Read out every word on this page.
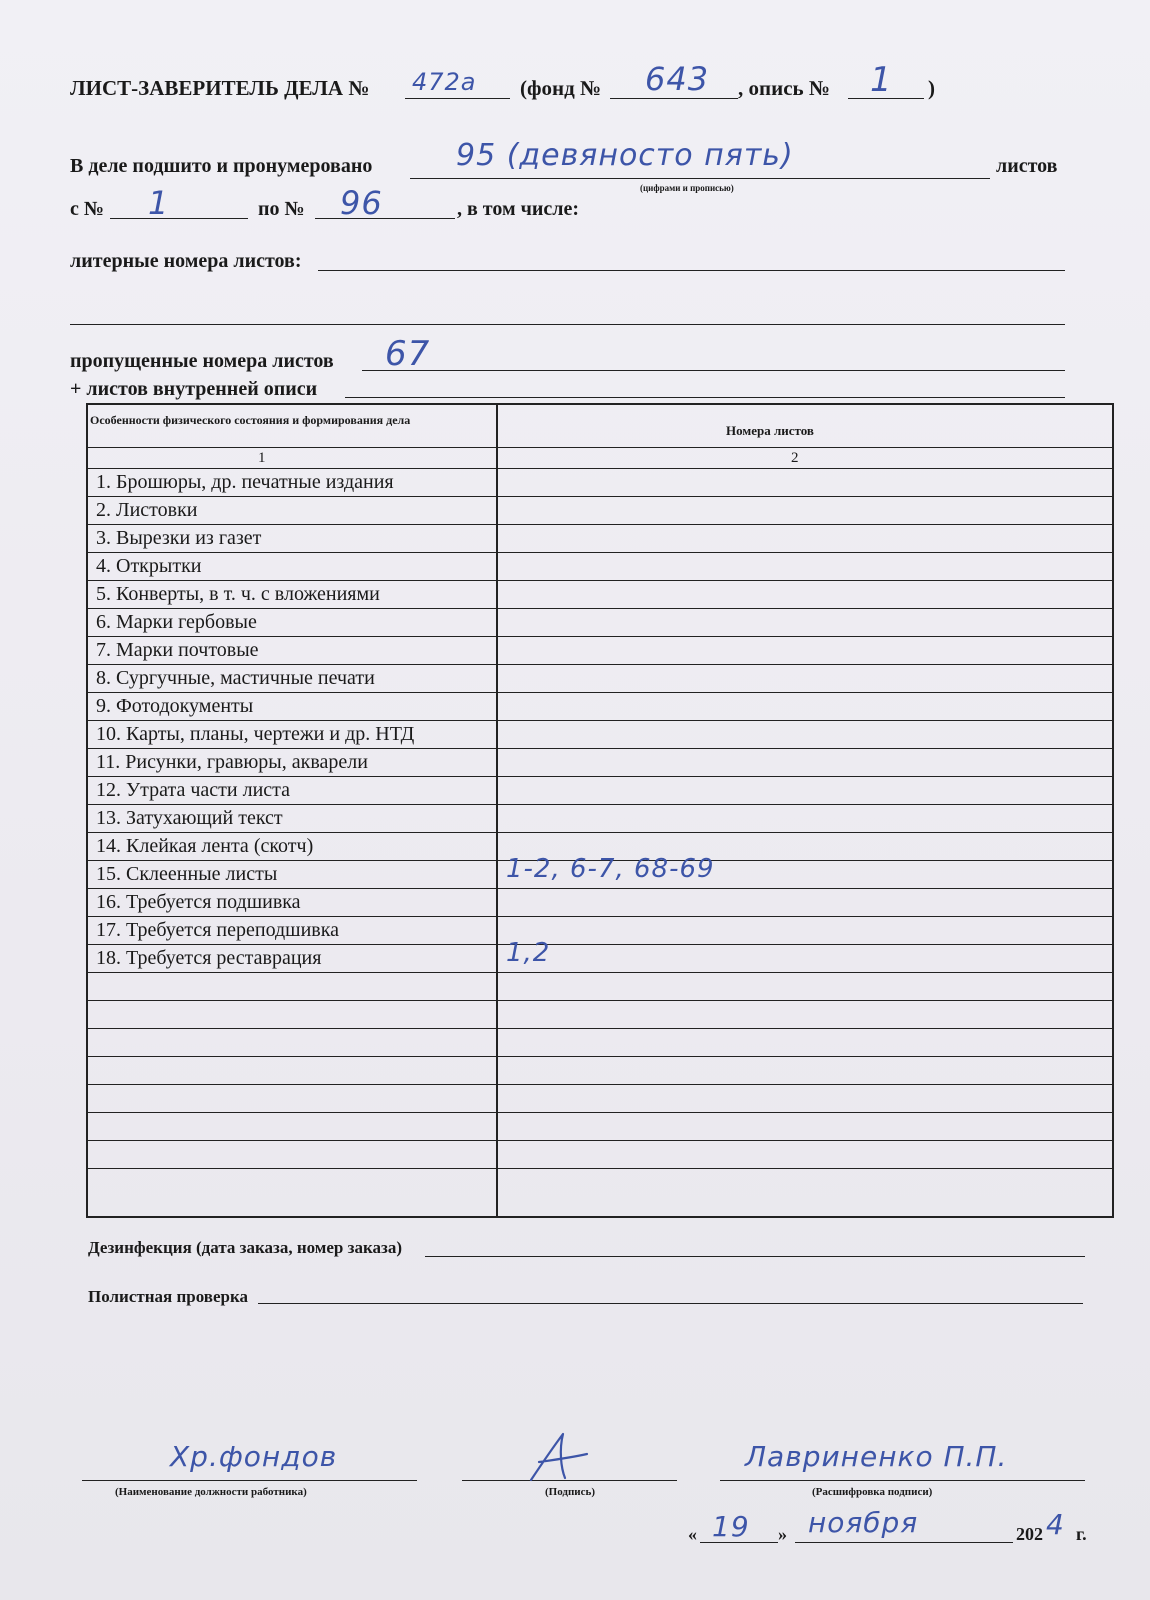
ЛИСТ-ЗАВЕРИТЕЛЬ ДЕЛА № 472а (фонд № 643 , опись № 1 )
В деле подшито и пронумеровано	95 (девяносто пять)	листов
(цифрами и прописью)
с № 1	по № 96	, в том числе:
литерные номера листов:
пропущенные номера листов 67
+ листов внутренней описи
Особенности физического состояния и формирования дела
Номера листов
1	2
1. Брошюры, др. печатные издания
2. Листовки
3. Вырезки из газет
4. Открытки
5. Конверты, в т. ч. с вложениями
6. Марки гербовые
7. Марки почтовые
8. Сургучные, мастичные печати
9. Фотодокументы
10. Карты, планы, чертежи и др. НТД
11. Рисунки, гравюры, акварели
12. Утрата части листа
13. Затухающий текст
14. Клейкая лента (скотч)
15. Склеенные листы	1-2, 6-7, 68-69
16. Требуется подшивка
17. Требуется переподшивка
18. Требуется реставрация	1,2
Дезинфекция (дата заказа, номер заказа)
Полистная проверка
Хр.фондов
(Наименование должности работника)	(Подпись)
Лавриненко П.П.
(Расшифровка подписи)
« 19 » ноября	202 4 г.
